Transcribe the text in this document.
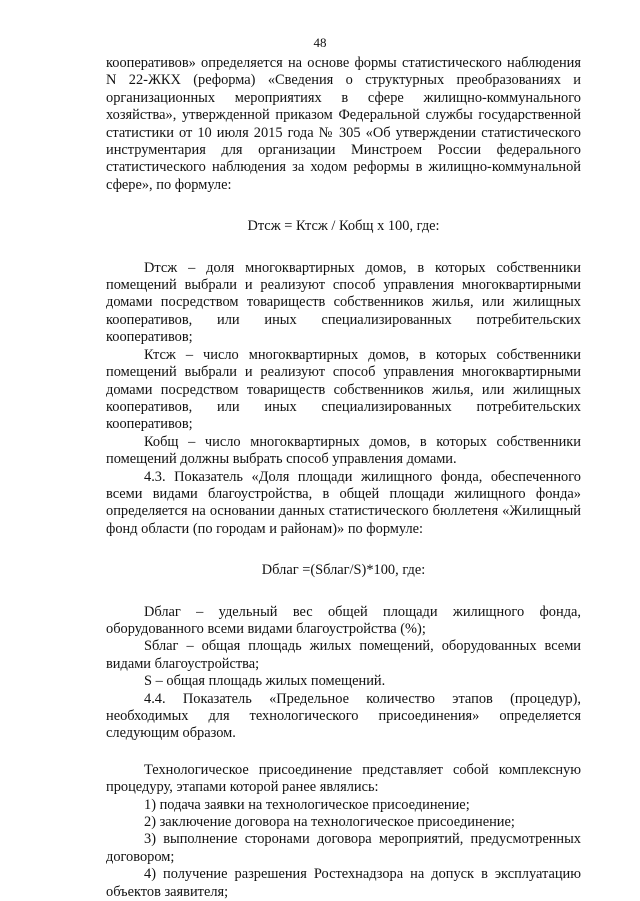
48

кооперативов» определяется на основе формы статистического наблюдения N 22-ЖКХ (реформа) «Сведения о структурных преобразованиях и организационных мероприятиях в сфере жилищно-коммунального хозяйства», утвержденной приказом Федеральной службы государственной статистики от 10 июля 2015 года № 305 «Об утверждении статистического инструментария для организации Минстроем России федерального статистического наблюдения за ходом реформы в жилищно-коммунальной сфере», по формуле:

Dтсж = Ктсж / Кобщ х 100, где:

Dтсж – доля многоквартирных домов, в которых собственники помещений выбрали и реализуют способ управления многоквартирными домами посредством товариществ собственников жилья, или жилищных кооперативов, или иных специализированных потребительских кооперативов;

Ктсж – число многоквартирных домов, в которых собственники помещений выбрали и реализуют способ управления многоквартирными домами посредством товариществ собственников жилья, или жилищных кооперативов, или иных специализированных потребительских кооперативов;

Кобщ – число многоквартирных домов, в которых собственники помещений должны выбрать способ управления домами.

4.3. Показатель «Доля площади жилищного фонда, обеспеченного всеми видами благоустройства, в общей площади жилищного фонда» определяется на основании данных статистического бюллетеня «Жилищный фонд области (по городам и районам)» по формуле:

Dблаг =(Sблаг/S)*100, где:

Dблаг – удельный вес общей площади жилищного фонда, оборудованного всеми видами благоустройства (%);

Sблаг – общая площадь жилых помещений, оборудованных всеми видами благоустройства;

S – общая площадь жилых помещений.

4.4. Показатель «Предельное количество этапов (процедур), необходимых для технологического присоединения» определяется следующим образом.

Технологическое присоединение представляет собой комплексную процедуру, этапами которой ранее являлись:

1) подача заявки на технологическое присоединение;

2) заключение договора на технологическое присоединение;

3) выполнение сторонами договора мероприятий, предусмотренных договором;

4) получение разрешения Ростехнадзора на допуск в эксплуатацию объектов заявителя;
